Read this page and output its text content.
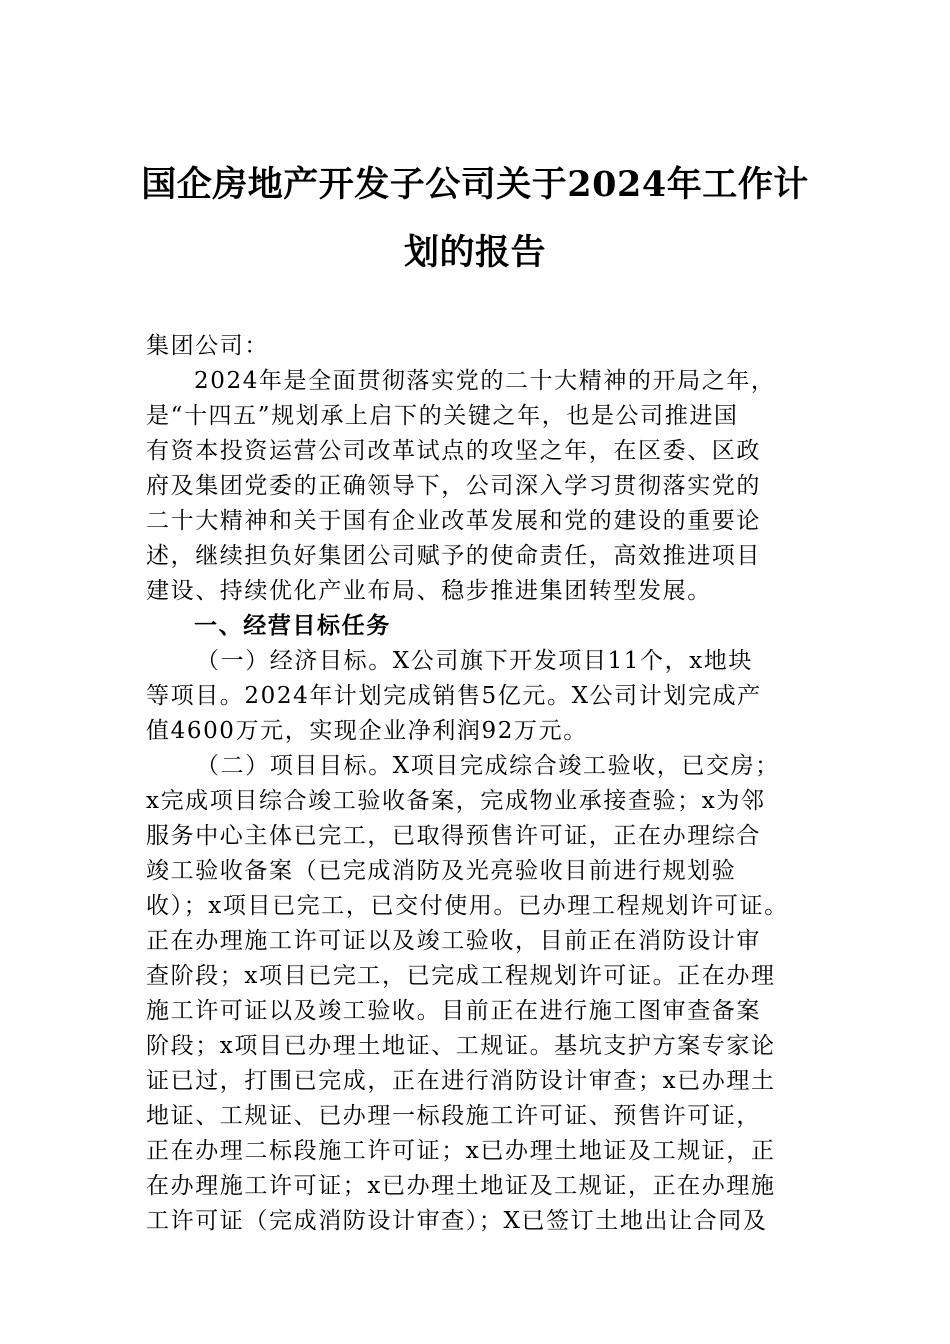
国企房地产开发子公司关于2024年工作计
划的报告
集团公司：
2024年是全面贯彻落实党的二十大精神的开局之年，
是“十四五”规划承上启下的关键之年，也是公司推进国
有资本投资运营公司改革试点的攻坚之年，在区委、区政
府及集团党委的正确领导下，公司深入学习贯彻落实党的
二十大精神和关于国有企业改革发展和党的建设的重要论
述，继续担负好集团公司赋予的使命责任，高效推进项目
建设、持续优化产业布局、稳步推进集团转型发展。
一、经营目标任务
（一）经济目标。X公司旗下开发项目11个，x地块
等项目。2024年计划完成销售5亿元。X公司计划完成产
值4600万元，实现企业净利润92万元。
（二）项目目标。X项目完成综合竣工验收，已交房；
x完成项目综合竣工验收备案，完成物业承接查验；x为邻
服务中心主体已完工，已取得预售许可证，正在办理综合
竣工验收备案（已完成消防及光亮验收目前进行规划验
收）；x项目已完工，已交付使用。已办理工程规划许可证。
正在办理施工许可证以及竣工验收，目前正在消防设计审
查阶段；x项目已完工，已完成工程规划许可证。正在办理
施工许可证以及竣工验收。目前正在进行施工图审查备案
阶段；x项目已办理土地证、工规证。基坑支护方案专家论
证已过，打围已完成，正在进行消防设计审查；x已办理土
地证、工规证、已办理一标段施工许可证、预售许可证，
正在办理二标段施工许可证；x已办理土地证及工规证，正
在办理施工许可证；x已办理土地证及工规证，正在办理施
工许可证（完成消防设计审查）；X已签订土地出让合同及
